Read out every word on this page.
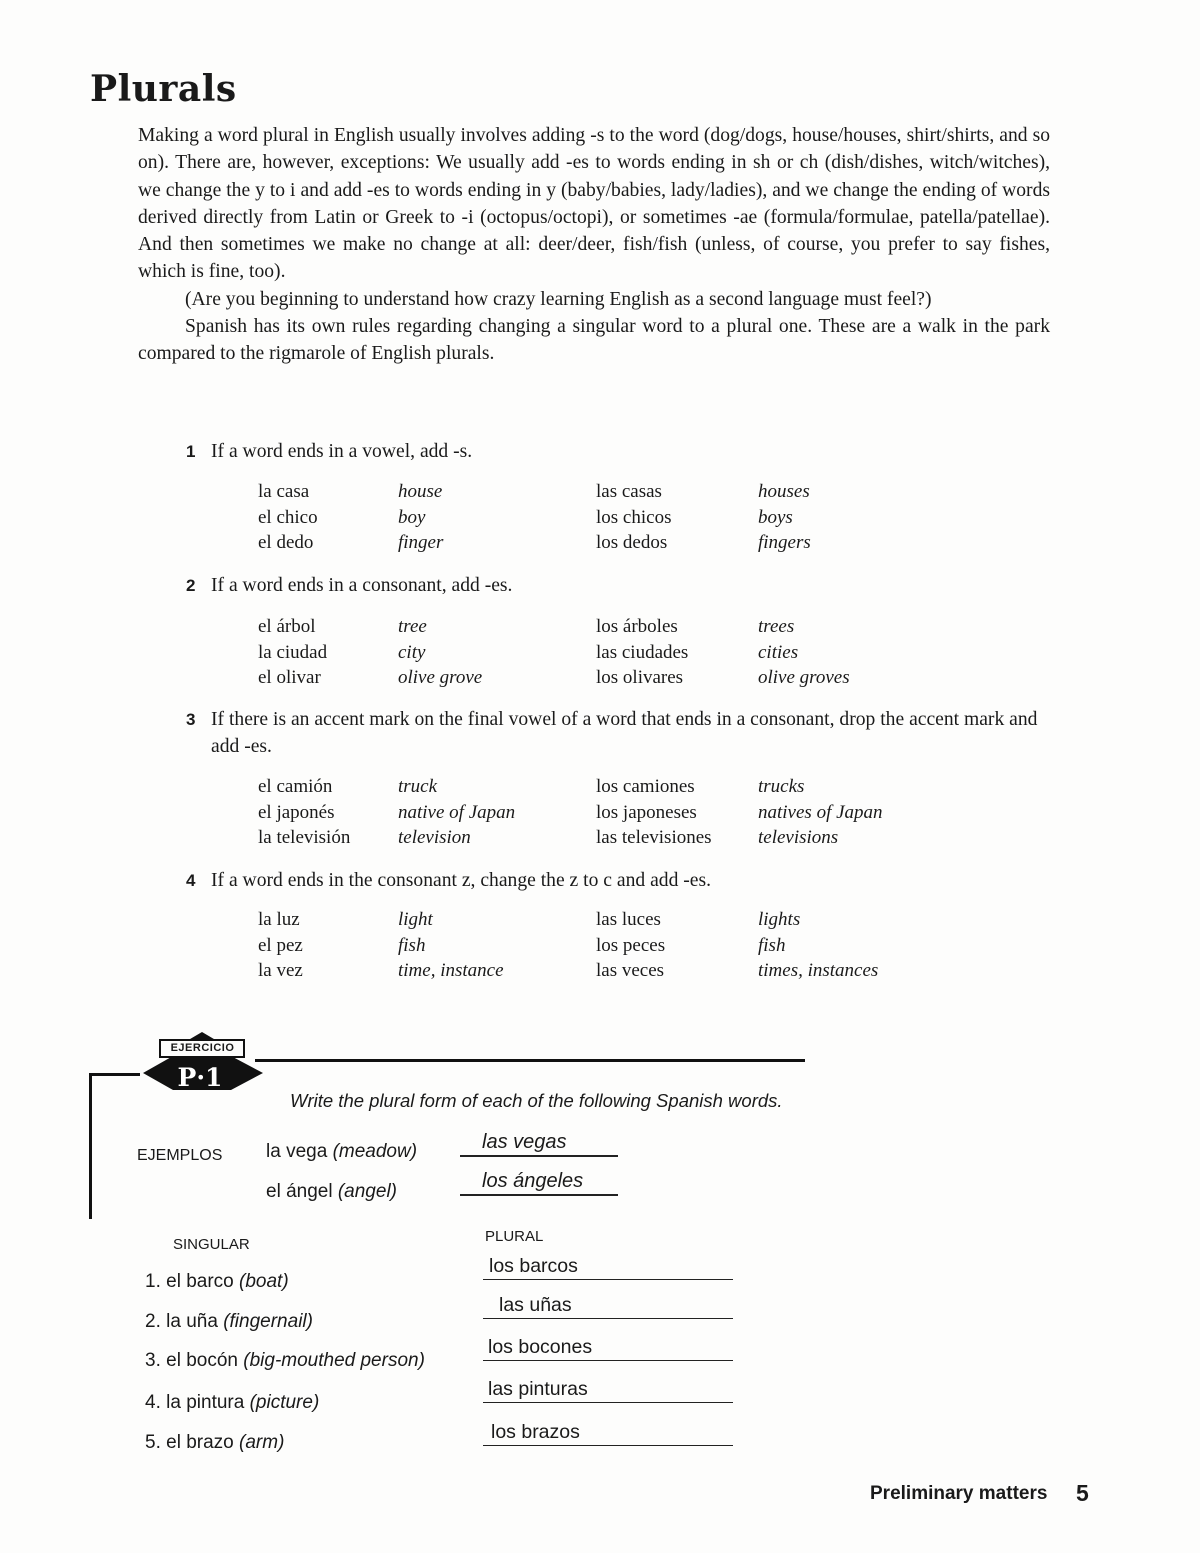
Plurals

Making a word plural in English usually involves adding -s to the word (dog/dogs, house/houses, shirt/shirts, and so on). There are, however, exceptions: We usually add -es to words ending in sh or ch (dish/dishes, witch/witches), we change the y to i and add -es to words ending in y (baby/babies, lady/ladies), and we change the ending of words derived directly from Latin or Greek to -i (octopus/octopi), or sometimes -ae (formula/formulae, patella/patellae). And then sometimes we make no change at all: deer/deer, fish/fish (unless, of course, you prefer to say fishes, which is fine, too).

(Are you beginning to understand how crazy learning English as a second language must feel?)

Spanish has its own rules regarding changing a singular word to a plural one. These are a walk in the park compared to the rigmarole of English plurals.

1 If a word ends in a vowel, add -s.
la casa	house	las casas	houses
el chico	boy	los chicos	boys
el dedo	finger	los dedos	fingers
2 If a word ends in a consonant, add -es.
el árbol	tree	los árboles	trees
la ciudad	city	las ciudades	cities
el olivar	olive grove	los olivares	olive groves
3 If there is an accent mark on the final vowel of a word that ends in a consonant, drop the accent mark and add -es.
el camión	truck	los camiones	trucks
el japonés	native of Japan	los japoneses	natives of Japan
la televisión	television	las televisiones televisions
4 If a word ends in the consonant z, change the z to c and add -es.
la luz	light	las luces	lights
el pez	fish	los peces	fish
la vez	time, instance	las veces	times, instances
EJERCICIO
P·1
Write the plural form of each of the following Spanish words.
EJEMPLOS la vega (meadow)	las vegas
el ángel (angel)	los ángeles
SINGULAR	PLURAL
1. el barco (boat)
los barcos
2. la uña (fingernail)
las uñas
3. el bocón (big-mouthed person)
los bocones
4. la pintura (picture)
las pinturas
5. el brazo (arm)	los brazos
Preliminary matters 5
